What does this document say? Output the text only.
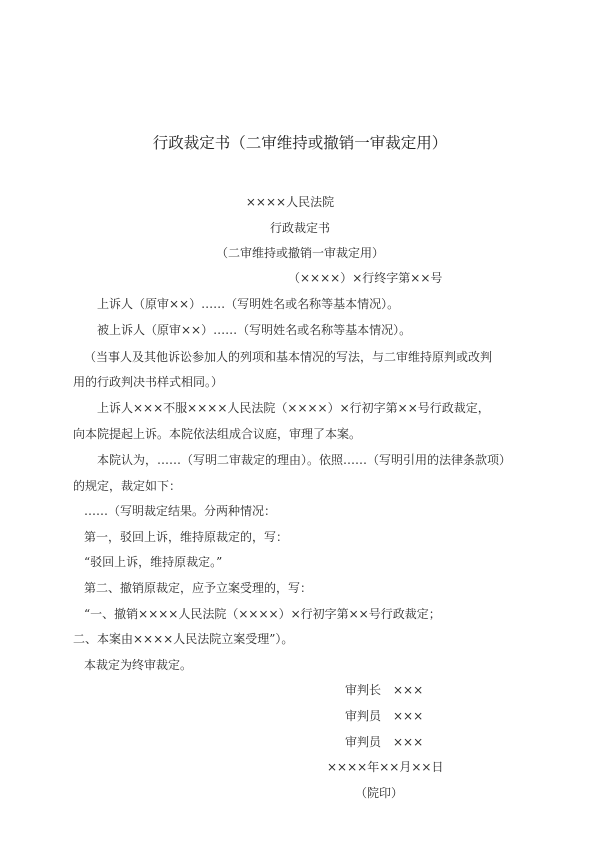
行政裁定书（二审维持或撤销一审裁定用）
××××人民法院
行政裁定书
（二审维持或撤销一审裁定用）
（××××）×行终字第××号
上诉人（原审××）……（写明姓名或名称等基本情况）。
被上诉人（原审××）……（写明姓名或名称等基本情况）。
（当事人及其他诉讼参加人的列项和基本情况的写法，与二审维持原判或改判
用的行政判决书样式相同。）
上诉人×××不服××××人民法院（××××）×行初字第××号行政裁定，
向本院提起上诉。本院依法组成合议庭，审理了本案。
本院认为，……（写明二审裁定的理由）。依照……（写明引用的法律条款项）
的规定，裁定如下：
……（写明裁定结果。分两种情况：
第一，驳回上诉，维持原裁定的，写：
“驳回上诉，维持原裁定。”
第二、撤销原裁定，应予立案受理的，写：
“一、撤销××××人民法院（××××）×行初字第××号行政裁定；
二、本案由××××人民法院立案受理”）。
本裁定为终审裁定。
审判长　×××
审判员　×××
审判员　×××
××××年××月××日
（院印）
